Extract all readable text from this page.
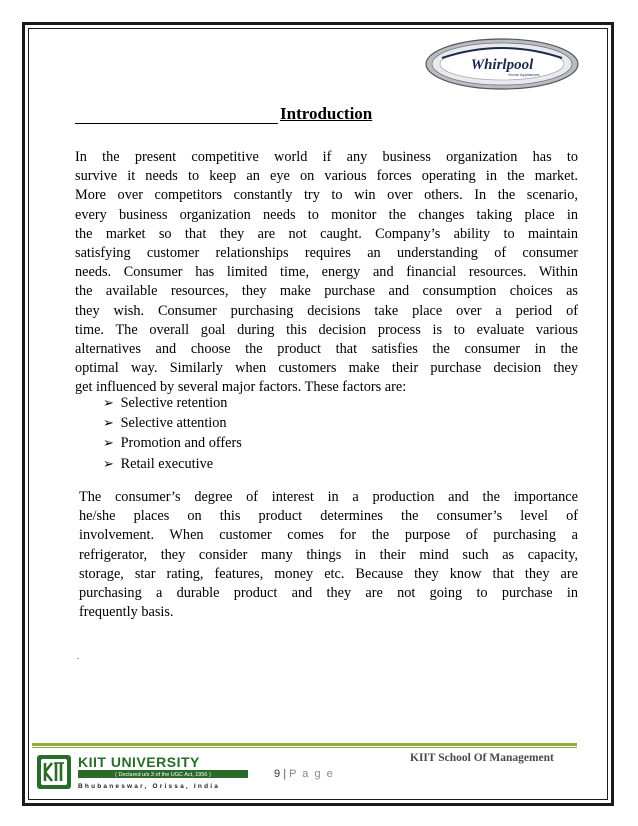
Whirlpool
Home Appliances
Introduction
In the present competitive world if any business organization has to
survive it needs to keep an eye on various forces operating in the market.
More over competitors constantly try to win over others. In the scenario,
every business organization needs to monitor the changes taking place in
the market so that they are not caught. Company’s ability to maintain
satisfying customer relationships requires an understanding of consumer
needs. Consumer has limited time, energy and financial resources. Within
the available resources, they make purchase and consumption choices as
they wish. Consumer purchasing decisions take place over a period of
time. The overall goal during this decision process is to evaluate various
alternatives and choose the product that satisfies the consumer in the
optimal way. Similarly when customers make their purchase decision they
get influenced by several major factors. These factors are:
➢ Selective retention
➢ Selective attention
➢ Promotion and offers
➢ Retail executive
The consumer’s degree of interest in a production and the importance
he/she places on this product determines the consumer’s level of
involvement. When customer comes for the purpose of purchasing a
refrigerator, they consider many things in their mind such as capacity,
storage, star rating, features, money etc. Because they know that they are
purchasing a durable product and they are not going to purchase in
frequently basis.
.
KIIT UNIVERSITY
( Declared u/s 3 of the UGC Act, 1956 )
Bhubaneswar, Orissa, India
KIIT School Of Management
9 | P a g e
